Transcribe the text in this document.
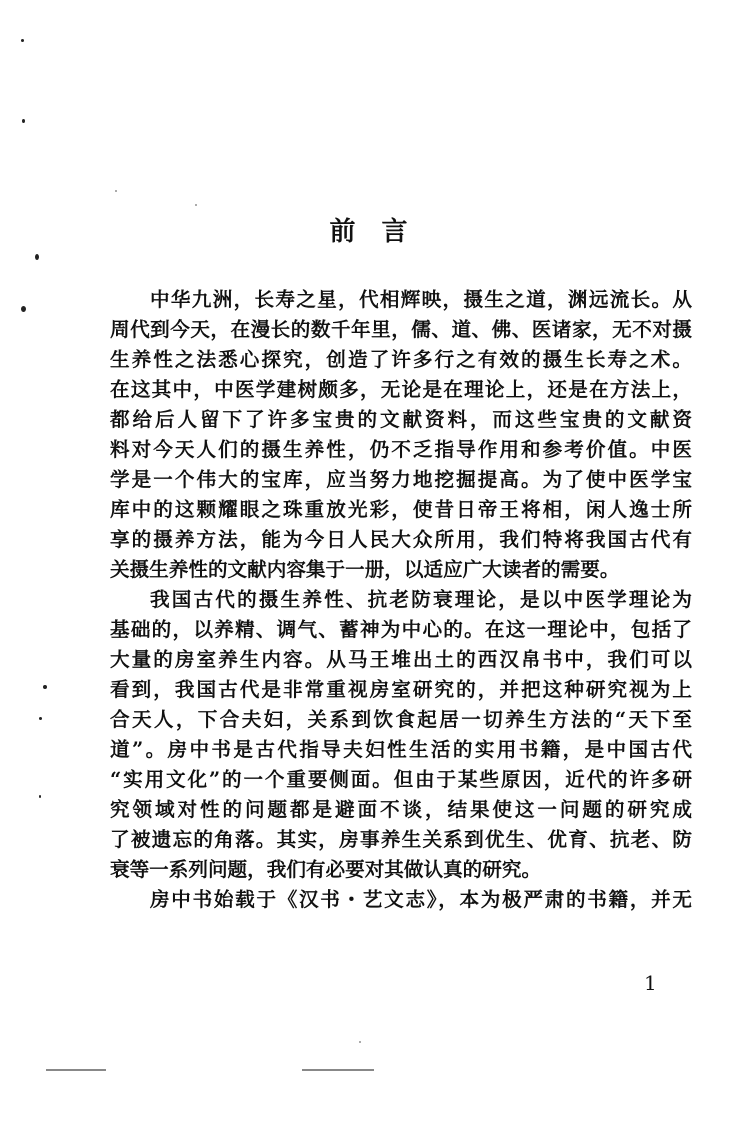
前言
中华九洲，长寿之星，代相辉映，摄生之道，渊远流长。从
周代到今天，在漫长的数千年里，儒、道、佛、医诸家，无不对摄
生养性之法悉心探究，创造了许多行之有效的摄生长寿之术。
在这其中，中医学建树颇多，无论是在理论上，还是在方法上，
都给后人留下了许多宝贵的文献资料，而这些宝贵的文献资
料对今天人们的摄生养性，仍不乏指导作用和参考价值。中医
学是一个伟大的宝库，应当努力地挖掘提高。为了使中医学宝
库中的这颗耀眼之珠重放光彩，使昔日帝王将相，闲人逸士所
享的摄养方法，能为今日人民大众所用，我们特将我国古代有
关摄生养性的文献内容集于一册，以适应广大读者的需要。
我国古代的摄生养性、抗老防衰理论，是以中医学理论为
基础的，以养精、调气、蓄神为中心的。在这一理论中，包括了
大量的房室养生内容。从马王堆出土的西汉帛书中，我们可以
看到，我国古代是非常重视房室研究的，并把这种研究视为上
合天人，下合夫妇，关系到饮食起居一切养生方法的“天下至
道”。房中书是古代指导夫妇性生活的实用书籍，是中国古代
“实用文化”的一个重要侧面。但由于某些原因，近代的许多研
究领域对性的问题都是避面不谈，结果使这一问题的研究成
了被遗忘的角落。其实，房事养生关系到优生、优育、抗老、防
衰等一系列问题，我们有必要对其做认真的研究。
房中书始载于《汉书・艺文志》，本为极严肃的书籍，并无
1
